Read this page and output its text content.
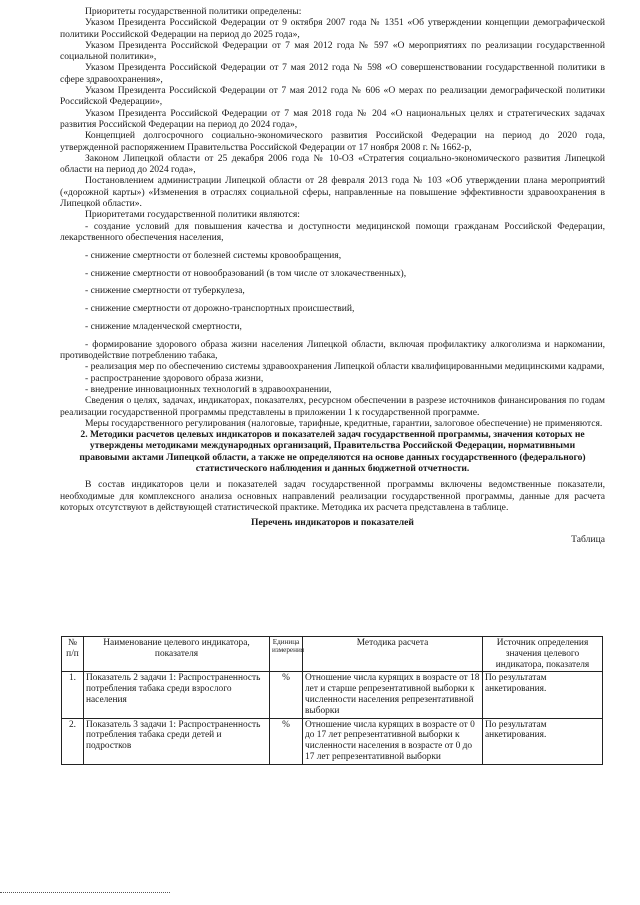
Приоритеты государственной политики определены:

Указом Президента Российской Федерации от 9 октября 2007 года № 1351 «Об утверждении концепции демографической политики Российской Федерации на период до 2025 года»,

Указом Президента Российской Федерации от 7 мая 2012 года № 597 «О мероприятиях по реализации государственной социальной политики»,

Указом Президента Российской Федерации от 7 мая 2012 года № 598 «О совершенствовании государственной политики в сфере здравоохранения»,

Указом Президента Российской Федерации от 7 мая 2012 года № 606 «О мерах по реализации демографической политики Российской Федерации»,

Указом Президента Российской Федерации от 7 мая 2018 года № 204 «О национальных целях и стратегических задачах развития Российской Федерации на период до 2024 года»,

Концепцией долгосрочного социально-экономического развития Российской Федерации на период до 2020 года, утвержденной распоряжением Правительства Российской Федерации от 17 ноября 2008 г. № 1662-р,

Законом Липецкой области от 25 декабря 2006 года № 10-ОЗ «Стратегия социально-экономического развития Липецкой области на период до 2024 года»,

Постановлением администрации Липецкой области от 28 февраля 2013 года № 103 «Об утверждении плана мероприятий («дорожной карты») «Изменения в отраслях социальной сферы, направленные на повышение эффективности здравоохранения в Липецкой области».

Приоритетами государственной политики являются:

- создание условий для повышения качества и доступности медицинской помощи гражданам Российской Федерации, лекарственного обеспечения населения,

- снижение смертности от болезней системы кровообращения,

- снижение смертности от новообразований (в том числе от злокачественных),

- снижение смертности от туберкулеза,

- снижение смертности от дорожно-транспортных происшествий,

- снижение младенческой смертности,

- формирование здорового образа жизни населения Липецкой области, включая профилактику алкоголизма и наркомании, противодействие потреблению табака,

- реализация мер по обеспечению системы здравоохранения Липецкой области квалифицированными медицинскими кадрами,

- распространение здорового образа жизни,

- внедрение инновационных технологий в здравоохранении,

Сведения о целях, задачах, индикаторах, показателях, ресурсном обеспечении в разрезе источников финансирования по годам реализации государственной программы представлены в приложении 1 к государственной программе.

Меры государственного регулирования (налоговые, тарифные, кредитные, гарантии, залоговое обеспечение) не применяются.

2. Методики расчетов целевых индикаторов и показателей задач государственной программы, значения которых не утверждены методиками международных организаций, Правительства Российской Федерации, нормативными правовыми актами Липецкой области, а также не определяются на основе данных государственного (федерального) статистического наблюдения и данных бюджетной отчетности.

В состав индикаторов цели и показателей задач государственной программы включены ведомственные показатели, необходимые для комплексного анализа основных направлений реализации государственной программы, данные для расчета которых отсутствуют в действующей статистической практике. Методика их расчета представлена в таблице.

Перечень индикаторов и показателей

Таблица

№ п/п	Наименование целевого индикатора, показателя	Единица измерения	Методика расчета	Источник определения значения целевого индикатора, показателя
1.	Показатель 2 задачи 1: Распространенность потребления табака среди взрослого населения	%	Отношение числа курящих в возрасте от 18 лет и старше репрезентативной выборки к численности населения репрезентативной выборки	По результатам анкетирования.
2.	Показатель 3 задачи 1: Распространенность потребления табака среди детей и подростков	%	Отношение числа курящих в возрасте от 0 до 17 лет репрезентативной выборки к численности населения в возрасте от 0 до 17 лет репрезентативной выборки	По результатам анкетирования.
